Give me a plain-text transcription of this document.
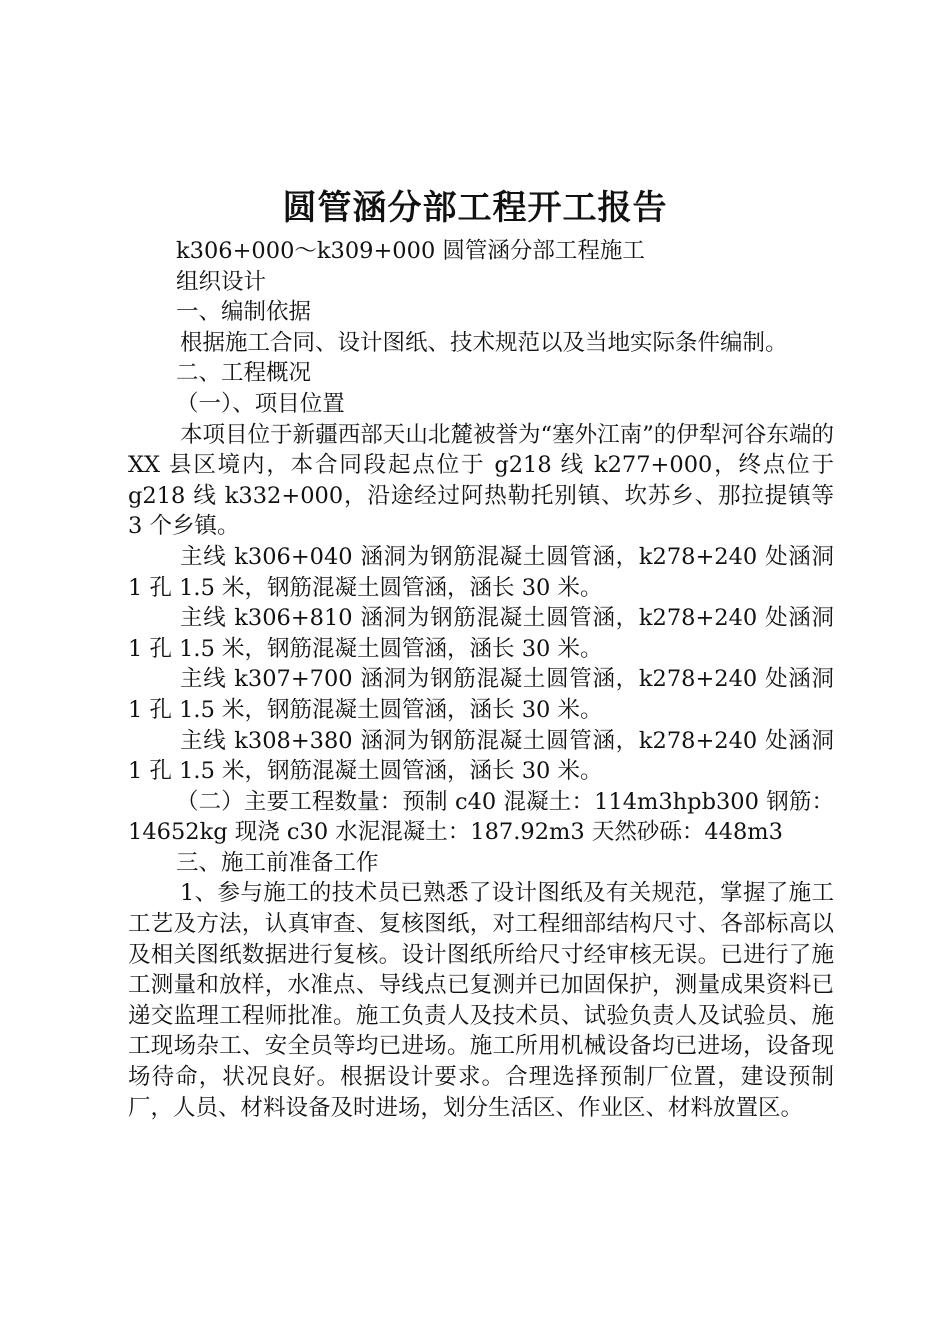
圆管涵分部工程开工报告

k306+000～k309+000 圆管涵分部工程施工

组织设计

一、编制依据

根据施工合同、设计图纸、技术规范以及当地实际条件编制。

二、工程概况

（一）、项目位置

本项目位于新疆西部天山北麓被誉为“塞外江南”的伊犁河谷东端的 XX 县区境内，本合同段起点位于 g218 线 k277+000，终点位于 g218 线 k332+000，沿途经过阿热勒托别镇、坎苏乡、那拉提镇等 3 个乡镇。

主线 k306+040 涵洞为钢筋混凝土圆管涵，k278+240 处涵洞 1 孔 1.5 米，钢筋混凝土圆管涵，涵长 30 米。

主线 k306+810 涵洞为钢筋混凝土圆管涵，k278+240 处涵洞 1 孔 1.5 米，钢筋混凝土圆管涵，涵长 30 米。

主线 k307+700 涵洞为钢筋混凝土圆管涵，k278+240 处涵洞 1 孔 1.5 米，钢筋混凝土圆管涵，涵长 30 米。

主线 k308+380 涵洞为钢筋混凝土圆管涵，k278+240 处涵洞 1 孔 1.5 米，钢筋混凝土圆管涵，涵长 30 米。

（二）主要工程数量：预制 c40 混凝土：114m3hpb300 钢筋：14652kg 现浇 c30 水泥混凝土：187.92m3 天然砂砾：448m3

三、施工前准备工作

1、参与施工的技术员已熟悉了设计图纸及有关规范，掌握了施工工艺及方法，认真审查、复核图纸，对工程细部结构尺寸、各部标高以及相关图纸数据进行复核。设计图纸所给尺寸经审核无误。已进行了施工测量和放样，水准点、导线点已复测并已加固保护，测量成果资料已递交监理工程师批准。施工负责人及技术员、试验负责人及试验员、施工现场杂工、安全员等均已进场。施工所用机械设备均已进场，设备现场待命，状况良好。根据设计要求。合理选择预制厂位置，建设预制厂，人员、材料设备及时进场，划分生活区、作业区、材料放置区。
